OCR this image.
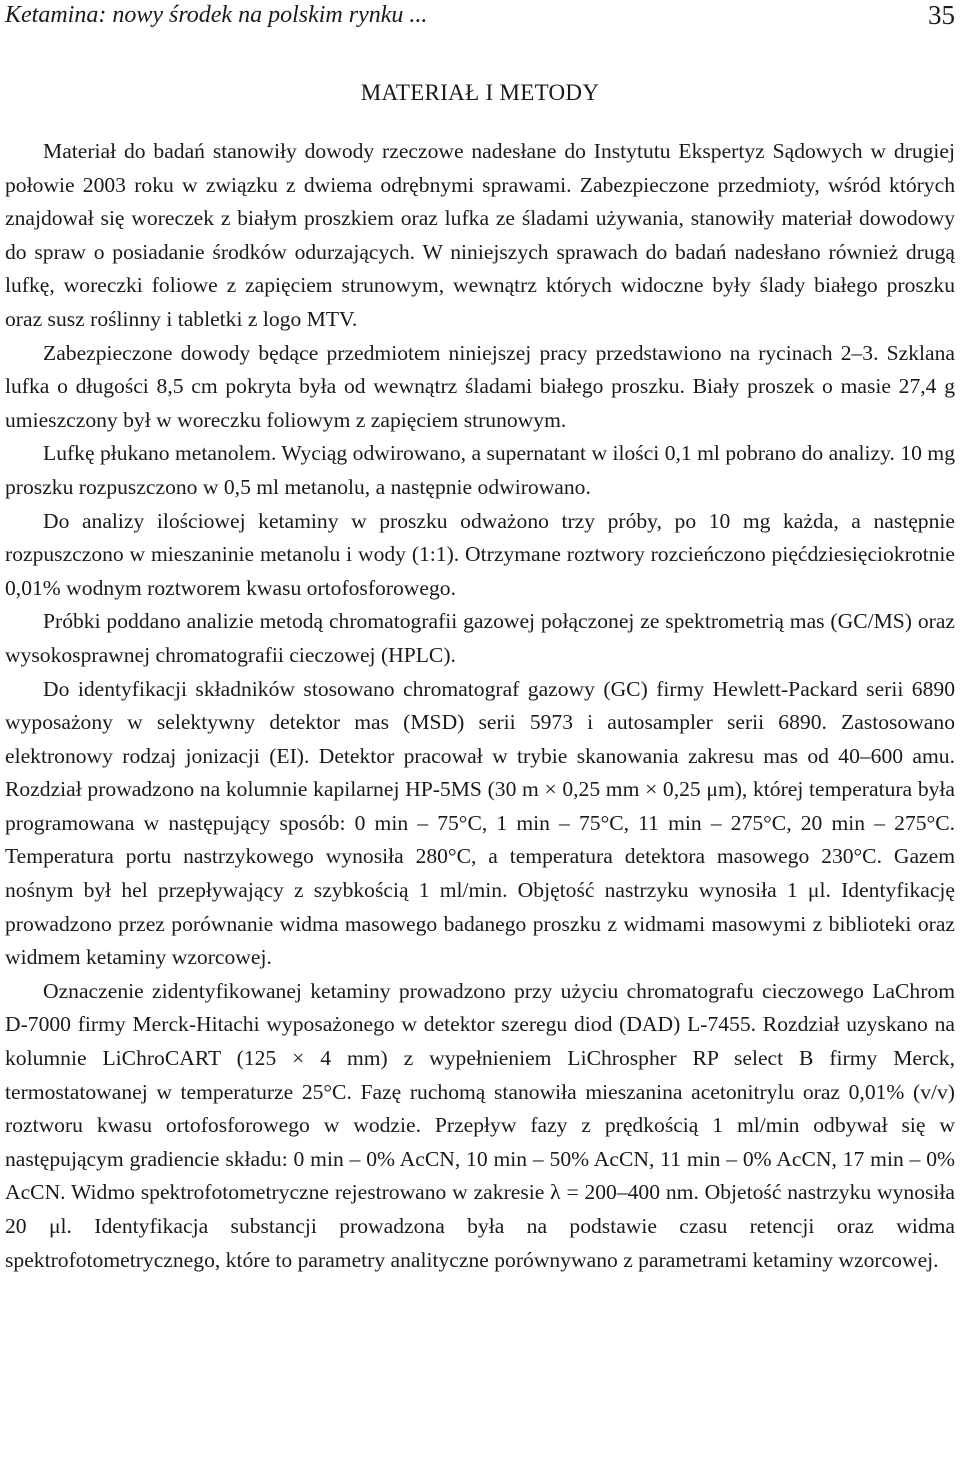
Ketamina: nowy środek na polskim rynku ...	35
MATERIAŁ I METODY

Materiał do badań stanowiły dowody rzeczowe nadesłane do Instytutu Ekspertyz Sądowych w drugiej połowie 2003 roku w związku z dwiema odrębnymi sprawami. Zabezpieczone przedmioty, wśród których znajdował się woreczek z białym proszkiem oraz lufka ze śladami używania, stanowiły materiał dowodowy do spraw o posiadanie środków odurzających. W niniejszych sprawach do badań nadesłano również drugą lufkę, woreczki foliowe z zapięciem strunowym, wewnątrz których widoczne były ślady białego proszku oraz susz roślinny i tabletki z logo MTV.

Zabezpieczone dowody będące przedmiotem niniejszej pracy przedstawiono na rycinach 2–3. Szklana lufka o długości 8,5 cm pokryta była od wewnątrz śladami białego proszku. Biały proszek o masie 27,4 g umieszczony był w woreczku foliowym z zapięciem strunowym.

Lufkę płukano metanolem. Wyciąg odwirowano, a supernatant w ilości 0,1 ml pobrano do analizy. 10 mg proszku rozpuszczono w 0,5 ml metanolu, a następnie odwirowano.

Do analizy ilościowej ketaminy w proszku odważono trzy próby, po 10 mg każda, a następnie rozpuszczono w mieszaninie metanolu i wody (1:1). Otrzymane roztwory rozcieńczono pięćdziesięciokrotnie 0,01% wodnym roztworem kwasu ortofosforowego.

Próbki poddano analizie metodą chromatografii gazowej połączonej ze spektrometrią mas (GC/MS) oraz wysokosprawnej chromatografii cieczowej (HPLC).

Do identyfikacji składników stosowano chromatograf gazowy (GC) firmy Hewlett-Packard serii 6890 wyposażony w selektywny detektor mas (MSD) serii 5973 i autosampler serii 6890. Zastosowano elektronowy rodzaj jonizacji (EI). Detektor pracował w trybie skanowania zakresu mas od 40–600 amu. Rozdział prowadzono na kolumnie kapilarnej HP-5MS (30 m × 0,25 mm × 0,25 μm), której temperatura była programowana w następujący sposób: 0 min – 75°C, 1 min – 75°C, 11 min – 275°C, 20 min – 275°C. Temperatura portu nastrzykowego wynosiła 280°C, a temperatura detektora masowego 230°C. Gazem nośnym był hel przepływający z szybkością 1 ml/min. Objętość nastrzyku wynosiła 1 μl. Identyfikację prowadzono przez porównanie widma masowego badanego proszku z widmami masowymi z biblioteki oraz widmem ketaminy wzorcowej.

Oznaczenie zidentyfikowanej ketaminy prowadzono przy użyciu chromatografu cieczowego LaChrom D-7000 firmy Merck-Hitachi wyposażonego w detektor szeregu diod (DAD) L-7455. Rozdział uzyskano na kolumnie LiChroCART (125 × 4 mm) z wypełnieniem LiChrospher RP select B firmy Merck, termostatowanej w temperaturze 25°C. Fazę ruchomą stanowiła mieszanina acetonitrylu oraz 0,01% (v/v) roztworu kwasu ortofosforowego w wodzie. Przepływ fazy z prędkością 1 ml/min odbywał się w następującym gradiencie składu: 0 min – 0% AcCN, 10 min – 50% AcCN, 11 min – 0% AcCN, 17 min – 0% AcCN. Widmo spektrofotometryczne rejestrowano w zakresie λ = 200–400 nm. Objetość nastrzyku wynosiła 20 μl. Identyfikacja substancji prowadzona była na podstawie czasu retencji oraz widma spektrofotometrycznego, które to parametry analityczne porównywano z parametrami ketaminy wzorcowej.
